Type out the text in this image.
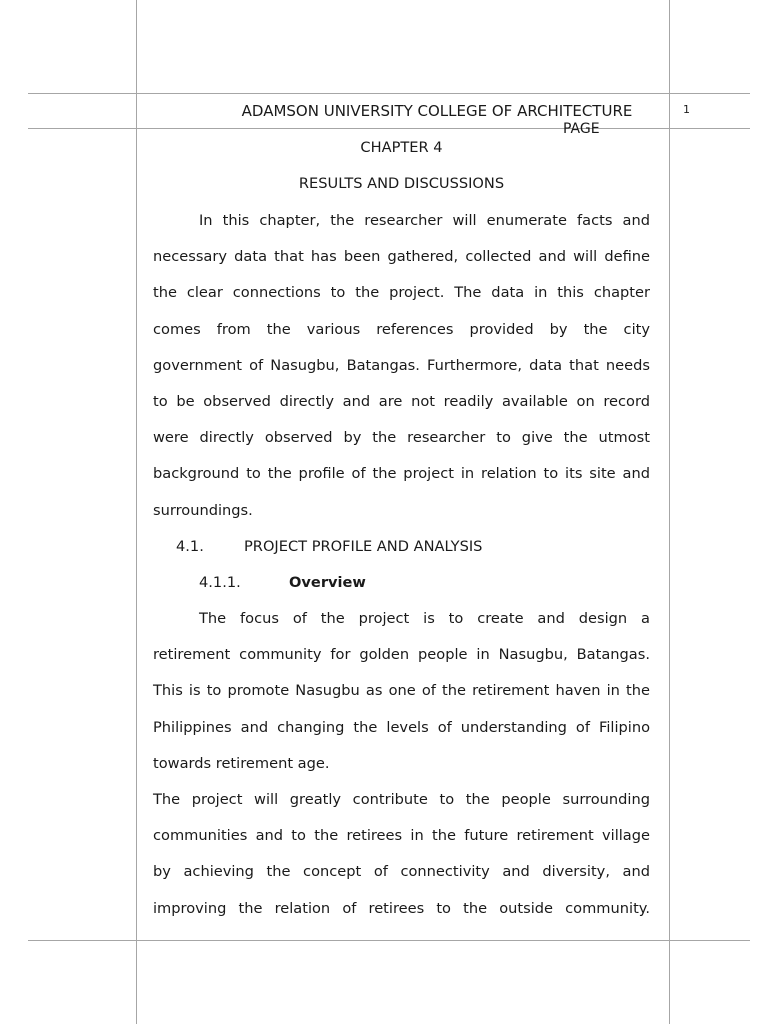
ADAMSON UNIVERSITY COLLEGE OF ARCHITECTURE	1
PAGE
CHAPTER 4
RESULTS AND DISCUSSIONS
In this chapter, the researcher will enumerate facts and
necessary data that has been gathered, collected and will define
the clear connections to the project. The data in this chapter
comes from the various references provided by the city
government of Nasugbu, Batangas. Furthermore, data that needs
to be observed directly and are not readily available on record
were directly observed by the researcher to give the utmost
background to the profile of the project in relation to its site and
surroundings.
4.1.	PROJECT PROFILE AND ANALYSIS
4.1.1.	Overview
The focus of the project is to create and design a
retirement community for golden people in Nasugbu, Batangas.
This is to promote Nasugbu as one of the retirement haven in the
Philippines and changing the levels of understanding of Filipino
towards retirement age.
The project will greatly contribute to the people surrounding
communities and to the retirees in the future retirement village
by achieving the concept of connectivity and diversity, and
improving the relation of retirees to the outside community.
